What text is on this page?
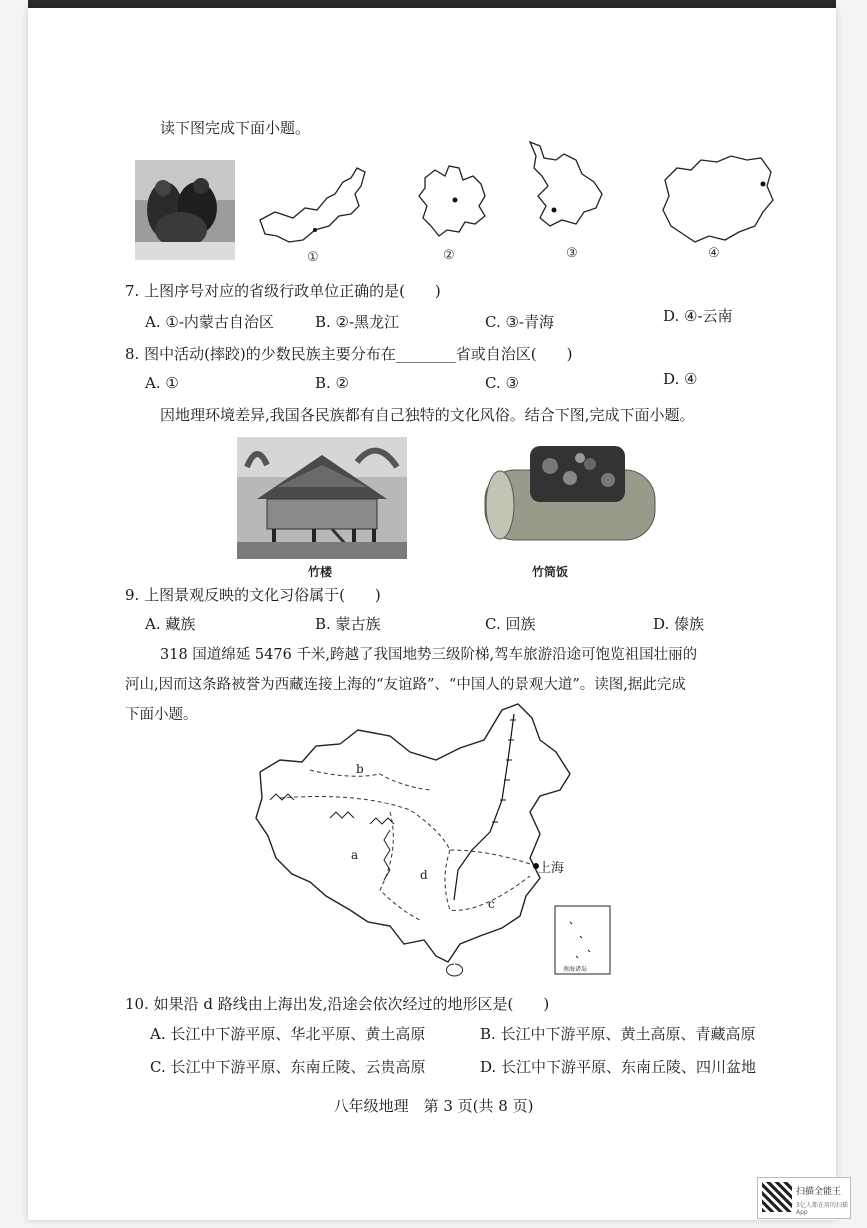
读下图完成下面小题。
①	②	③	④
7. 上图序号对应的省级行政单位正确的是(　　)
A. ①-内蒙古自治区	B. ②-黑龙江	C. ③-青海	D. ④-云南
8. 图中活动(摔跤)的少数民族主要分布在________省或自治区(　　)
A. ①	B. ②	C. ③	D. ④
因地理环境差异,我国各民族都有自己独特的文化风俗。结合下图,完成下面小题。
竹楼	竹筒饭
9. 上图景观反映的文化习俗属于(　　)
A. 藏族	B. 蒙古族	C. 回族	D. 傣族
318 国道绵延 5476 千米,跨越了我国地势三级阶梯,驾车旅游沿途可饱览祖国壮丽的
河山,因而这条路被誉为西藏连接上海的“友谊路”、“中国人的景观大道”。读图,据此完成
下面小题。
b
a
c
d	上海
南海诸岛
10. 如果沿 d 路线由上海出发,沿途会依次经过的地形区是(　　)
A. 长江中下游平原、华北平原、黄土高原	B. 长江中下游平原、黄土高原、青藏高原
C. 长江中下游平原、东南丘陵、云贵高原	D. 长江中下游平原、东南丘陵、四川盆地
八年级地理　第 3 页(共 8 页)
扫描全能王
3亿人都在用的扫描App
